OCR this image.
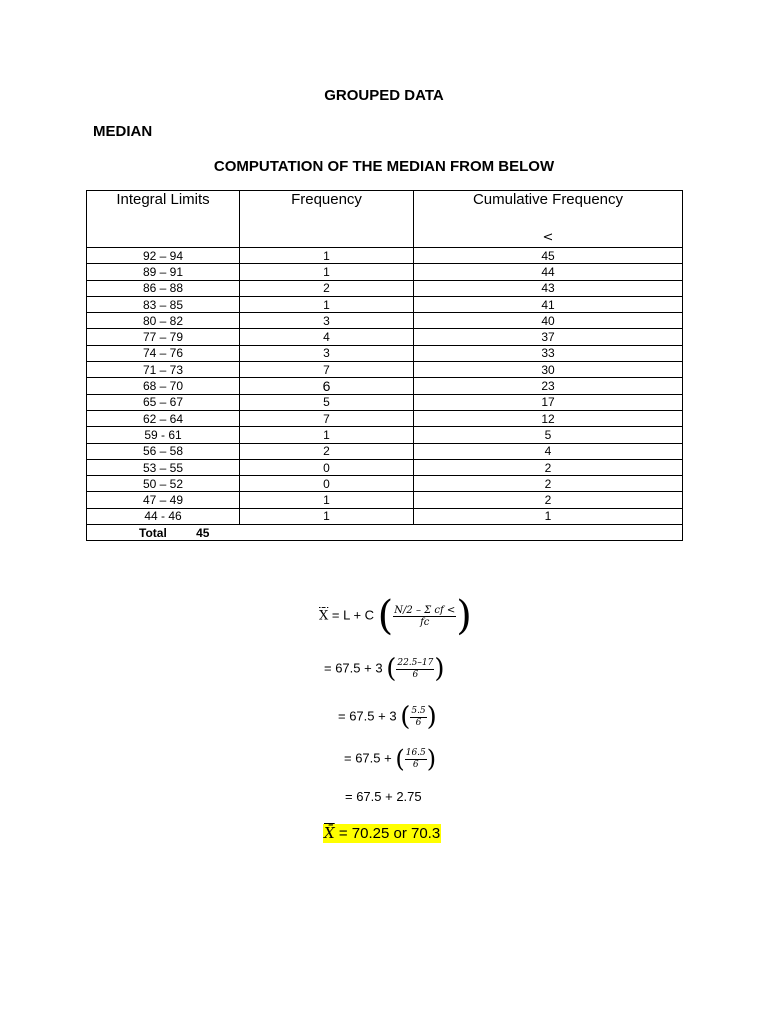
GROUPED DATA
MEDIAN
COMPUTATION OF THE MEDIAN FROM BELOW
Integral Limits	Frequency	Cumulative Frequency
<

92 – 94	1	45
89 – 91	1	44
86 – 88	2	43
83 – 85	1	41
80 – 82	3	40
77 – 79	4	37
74 – 76	3	33
71 – 73	7	30
68 – 70	6	23
65 – 67	5	17
62 – 64	7	12
59 - 61	1	5
56 – 58	2	4
53 – 55	0	2
50 – 52	0	2
47 – 49	1	2
44 - 46	1	1
Total 45		
X̄ = L + C ( $\frac{\text{N/2 – Σ cf <}}{fc}$ )
= 67.5 + 3 ( $\frac{22.5-17}{6}$ )
= 67.5 + 3 ( $\frac{5.5}{6}$ )
= 67.5 + ( $\frac{16.5}{6}$ )
= 67.5 + 2.75
X̄ = 70.25 or 70.3
